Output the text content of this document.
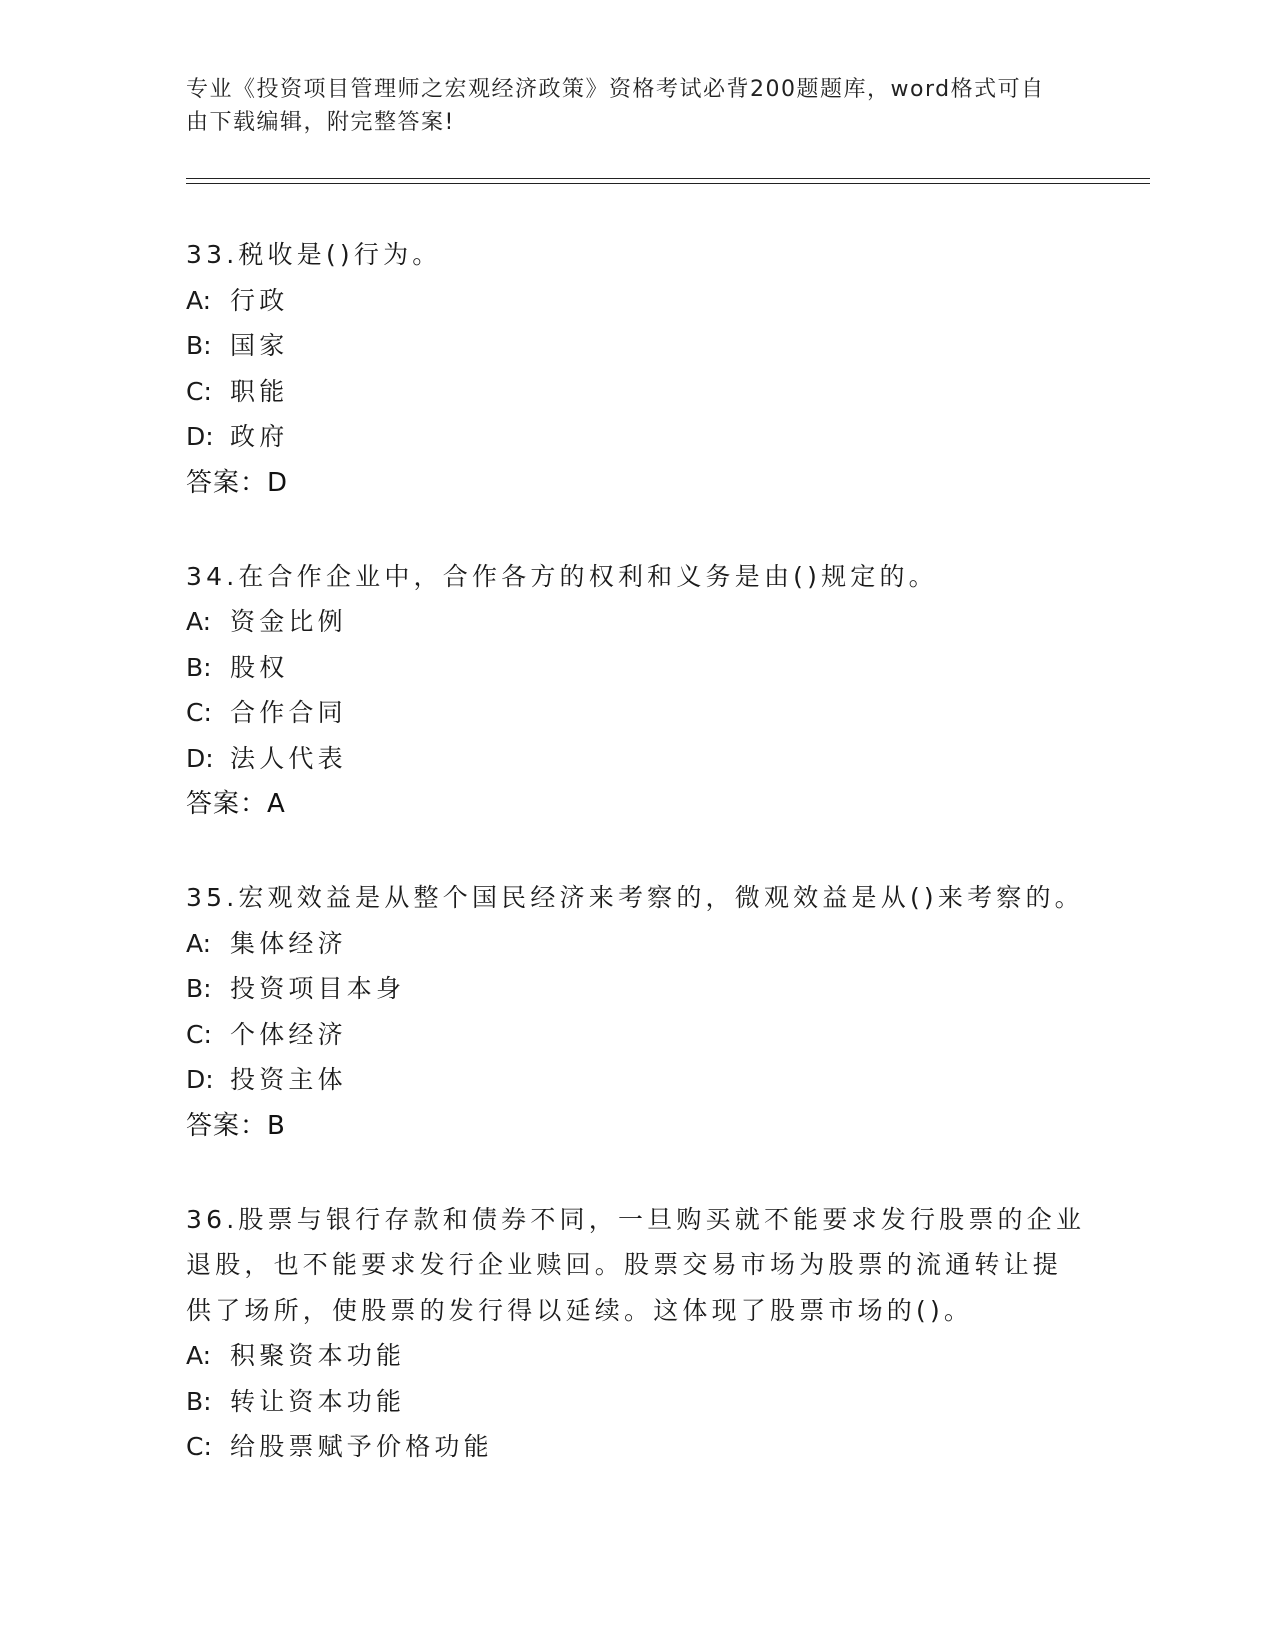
专业《投资项目管理师之宏观经济政策》资格考试必背200题题库，word格式可自由下载编辑，附完整答案!
33.税收是()行为。
A: 行政
B: 国家
C: 职能
D: 政府
答案：D
34.在合作企业中，合作各方的权利和义务是由()规定的。
A: 资金比例
B: 股权
C: 合作合同
D: 法人代表
答案：A
35.宏观效益是从整个国民经济来考察的，微观效益是从()来考察的。
A: 集体经济
B: 投资项目本身
C: 个体经济
D: 投资主体
答案：B
36.股票与银行存款和债券不同，一旦购买就不能要求发行股票的企业退股，也不能要求发行企业赎回。股票交易市场为股票的流通转让提供了场所，使股票的发行得以延续。这体现了股票市场的()。
A: 积聚资本功能
B: 转让资本功能
C: 给股票赋予价格功能
